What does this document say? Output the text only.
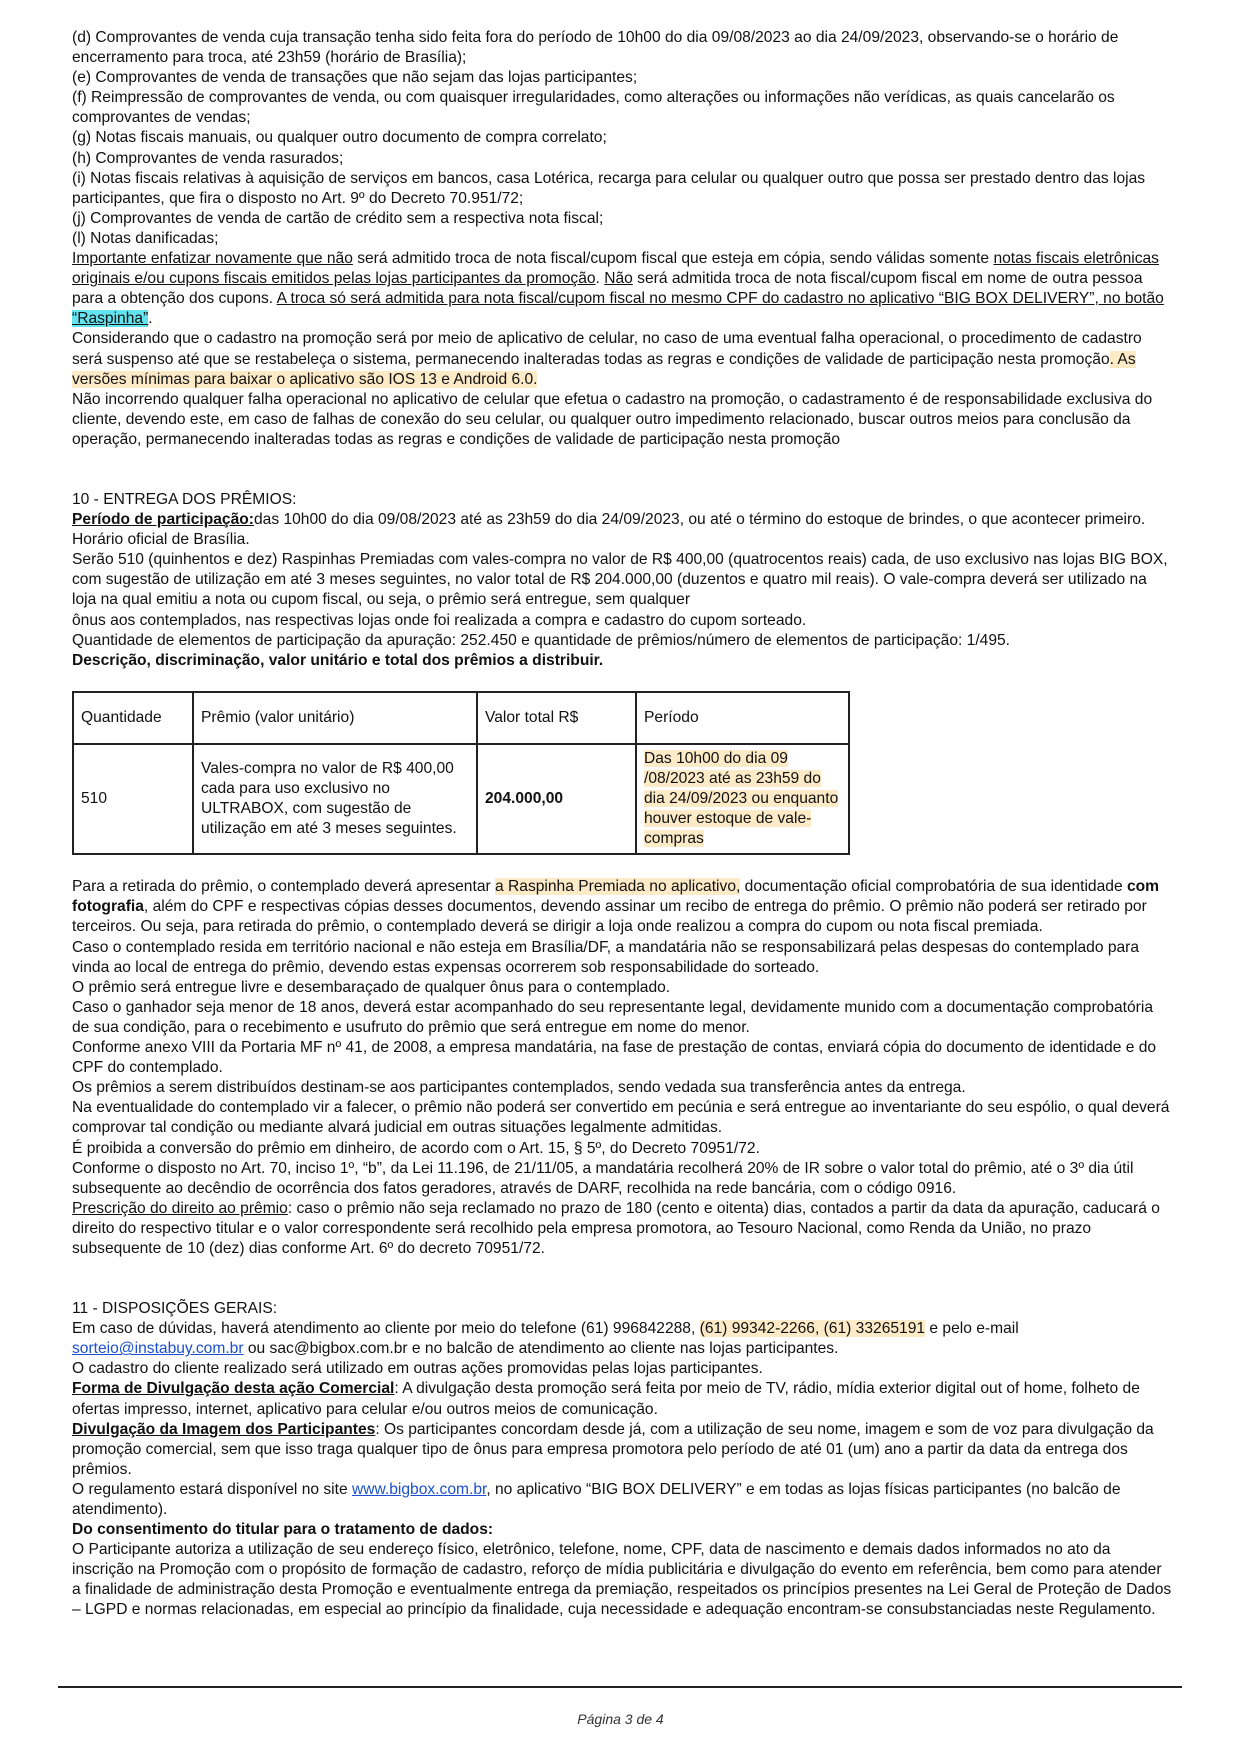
(d) Comprovantes de venda cuja transação tenha sido feita fora do período de 10h00 do dia 09/08/2023 ao dia 24/09/2023, observando-se o horário de encerramento para troca, até 23h59 (horário de Brasília);

(e) Comprovantes de venda de transações que não sejam das lojas participantes;

(f) Reimpressão de comprovantes de venda, ou com quaisquer irregularidades, como alterações ou informações não verídicas, as quais cancelarão os comprovantes de vendas;

(g) Notas fiscais manuais, ou qualquer outro documento de compra correlato;

(h) Comprovantes de venda rasurados;

(i) Notas fiscais relativas à aquisição de serviços em bancos, casa Lotérica, recarga para celular ou qualquer outro que possa ser prestado dentro das lojas participantes, que fira o disposto no Art. 9º do Decreto 70.951/72;

(j) Comprovantes de venda de cartão de crédito sem a respectiva nota fiscal;

(l) Notas danificadas;

Importante enfatizar novamente que não será admitido troca de nota fiscal/cupom fiscal que esteja em cópia, sendo válidas somente notas fiscais eletrônicas originais e/ou cupons fiscais emitidos pelas lojas participantes da promoção. Não será admitida troca de nota fiscal/cupom fiscal em nome de outra pessoa para a obtenção dos cupons. A troca só será admitida para nota fiscal/cupom fiscal no mesmo CPF do cadastro no aplicativo “BIG BOX DELIVERY”, no botão “Raspinha”.

Considerando que o cadastro na promoção será por meio de aplicativo de celular, no caso de uma eventual falha operacional, o procedimento de cadastro será suspenso até que se restabeleça o sistema, permanecendo inalteradas todas as regras e condições de validade de participação nesta promoção. As versões mínimas para baixar o aplicativo são IOS 13 e Android 6.0.

Não incorrendo qualquer falha operacional no aplicativo de celular que efetua o cadastro na promoção, o cadastramento é de responsabilidade exclusiva do cliente, devendo este, em caso de falhas de conexão do seu celular, ou qualquer outro impedimento relacionado, buscar outros meios para conclusão da operação, permanecendo inalteradas todas as regras e condições de validade de participação nesta promoção

10 - ENTREGA DOS PRÊMIOS:

Período de participação:das 10h00 do dia 09/08/2023 até as 23h59 do dia 24/09/2023, ou até o término do estoque de brindes, o que acontecer primeiro. Horário oficial de Brasília.

Serão 510 (quinhentos e dez) Raspinhas Premiadas com vales-compra no valor de R$ 400,00 (quatrocentos reais) cada, de uso exclusivo nas lojas BIG BOX, com sugestão de utilização em até 3 meses seguintes, no valor total de R$ 204.000,00 (duzentos e quatro mil reais). O vale-compra deverá ser utilizado na loja na qual emitiu a nota ou cupom fiscal, ou seja, o prêmio será entregue, sem qualquer

ônus aos contemplados, nas respectivas lojas onde foi realizada a compra e cadastro do cupom sorteado.

Quantidade de elementos de participação da apuração: 252.450 e quantidade de prêmios/número de elementos de participação: 1/495.

Descrição, discriminação, valor unitário e total dos prêmios a distribuir.

Quantidade	Prêmio (valor unitário)	Valor total R$	Período
510	Vales-compra no valor de R$ 400,00 cada para uso exclusivo no ULTRABOX, com sugestão de utilização em até 3 meses seguintes.	204.000,00	Das 10h00 do dia 09 /08/2023 até as 23h59 do dia 24/09/2023 ou enquanto houver estoque de vale-compras

Para a retirada do prêmio, o contemplado deverá apresentar a Raspinha Premiada no aplicativo, documentação oficial comprobatória de sua identidade com fotografia, além do CPF e respectivas cópias desses documentos, devendo assinar um recibo de entrega do prêmio. O prêmio não poderá ser retirado por terceiros. Ou seja, para retirada do prêmio, o contemplado deverá se dirigir a loja onde realizou a compra do cupom ou nota fiscal premiada.

Caso o contemplado resida em território nacional e não esteja em Brasília/DF, a mandatária não se responsabilizará pelas despesas do contemplado para vinda ao local de entrega do prêmio, devendo estas expensas ocorrerem sob responsabilidade do sorteado.

O prêmio será entregue livre e desembaraçado de qualquer ônus para o contemplado.

Caso o ganhador seja menor de 18 anos, deverá estar acompanhado do seu representante legal, devidamente munido com a documentação comprobatória de sua condição, para o recebimento e usufruto do prêmio que será entregue em nome do menor.

Conforme anexo VIII da Portaria MF nº 41, de 2008, a empresa mandatária, na fase de prestação de contas, enviará cópia do documento de identidade e do CPF do contemplado.

Os prêmios a serem distribuídos destinam-se aos participantes contemplados, sendo vedada sua transferência antes da entrega.

Na eventualidade do contemplado vir a falecer, o prêmio não poderá ser convertido em pecúnia e será entregue ao inventariante do seu espólio, o qual deverá comprovar tal condição ou mediante alvará judicial em outras situações legalmente admitidas.

É proibida a conversão do prêmio em dinheiro, de acordo com o Art. 15, § 5º, do Decreto 70951/72.

Conforme o disposto no Art. 70, inciso 1º, “b”, da Lei 11.196, de 21/11/05, a mandatária recolherá 20% de IR sobre o valor total do prêmio, até o 3º dia útil subsequente ao decêndio de ocorrência dos fatos geradores, através de DARF, recolhida na rede bancária, com o código 0916.

Prescrição do direito ao prêmio: caso o prêmio não seja reclamado no prazo de 180 (cento e oitenta) dias, contados a partir da data da apuração, caducará o direito do respectivo titular e o valor correspondente será recolhido pela empresa promotora, ao Tesouro Nacional, como Renda da União, no prazo subsequente de 10 (dez) dias conforme Art. 6º do decreto 70951/72.

11 - DISPOSIÇÕES GERAIS:

Em caso de dúvidas, haverá atendimento ao cliente por meio do telefone (61) 996842288, (61) 99342-2266, (61) 33265191 e pelo e-mail sorteio@instabuy.com.br ou sac@bigbox.com.br e no balcão de atendimento ao cliente nas lojas participantes.

O cadastro do cliente realizado será utilizado em outras ações promovidas pelas lojas participantes.

Forma de Divulgação desta ação Comercial: A divulgação desta promoção será feita por meio de TV, rádio, mídia exterior digital out of home, folheto de ofertas impresso, internet, aplicativo para celular e/ou outros meios de comunicação.

Divulgação da Imagem dos Participantes: Os participantes concordam desde já, com a utilização de seu nome, imagem e som de voz para divulgação da promoção comercial, sem que isso traga qualquer tipo de ônus para empresa promotora pelo período de até 01 (um) ano a partir da data da entrega dos prêmios.

O regulamento estará disponível no site www.bigbox.com.br, no aplicativo “BIG BOX DELIVERY” e em todas as lojas físicas participantes (no balcão de atendimento).

Do consentimento do titular para o tratamento de dados:

O Participante autoriza a utilização de seu endereço físico, eletrônico, telefone, nome, CPF, data de nascimento e demais dados informados no ato da inscrição na Promoção com o propósito de formação de cadastro, reforço de mídia publicitária e divulgação do evento em referência, bem como para atender a finalidade de administração desta Promoção e eventualmente entrega da premiação, respeitados os princípios presentes na Lei Geral de Proteção de Dados – LGPD e normas relacionadas, em especial ao princípio da finalidade, cuja necessidade e adequação encontram-se consubstanciadas neste Regulamento.

Página 3 de 4
